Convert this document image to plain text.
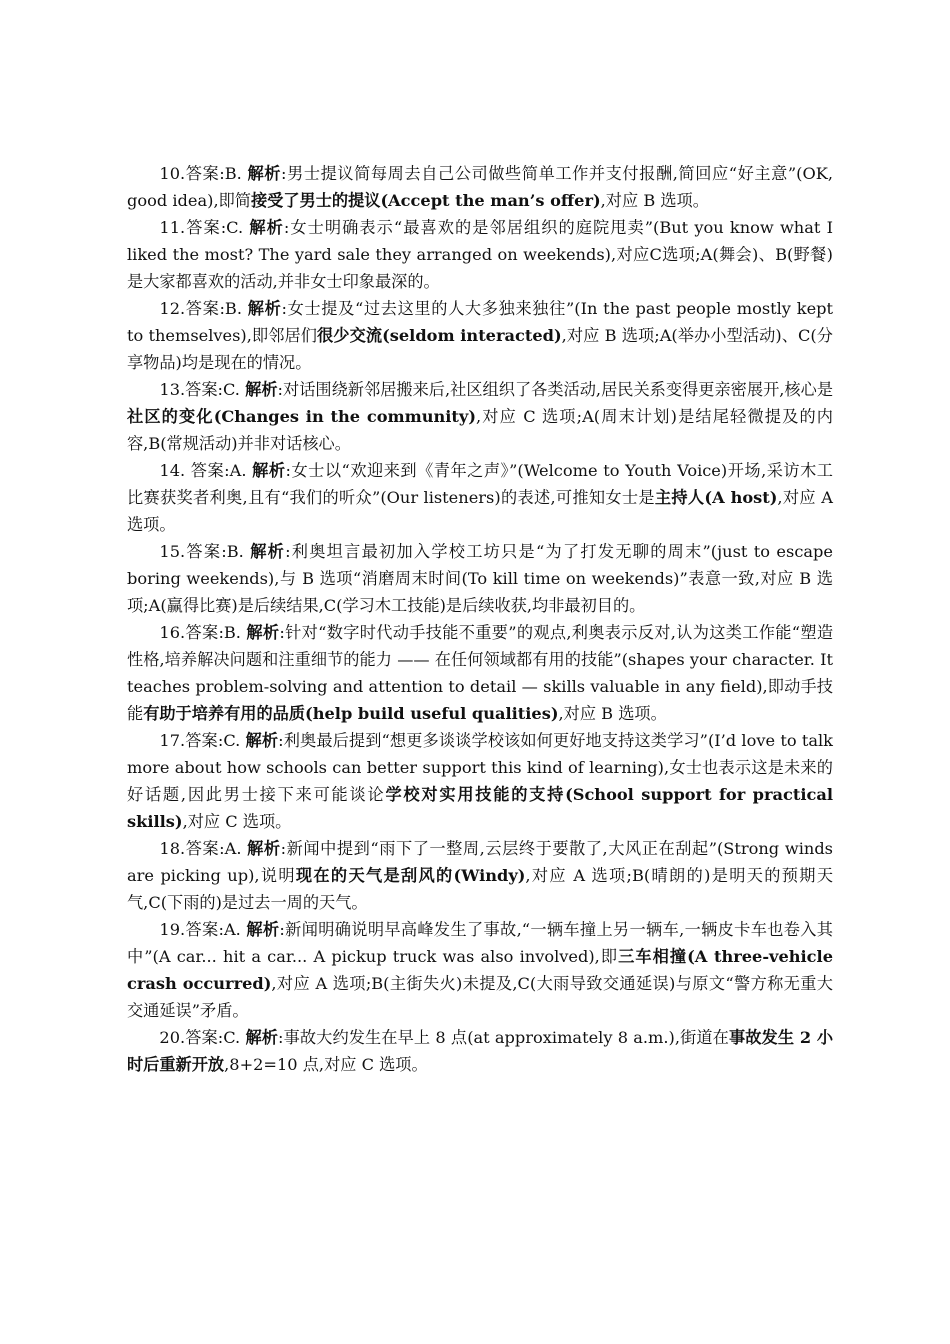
10.答案:B. 解析:男士提议简每周去自己公司做些简单工作并支付报酬,简回应“好主意”(OK, good idea),即简接受了男士的提议(Accept the man’s offer),对应 B 选项。

11.答案:C. 解析:女士明确表示“最喜欢的是邻居组织的庭院甩卖”(But you know what I liked the most? The yard sale they arranged on weekends),对应C选项;A(舞会)、B(野餐)是大家都喜欢的活动,并非女士印象最深的。

12.答案:B. 解析:女士提及“过去这里的人大多独来独往”(In the past people mostly kept to themselves),即邻居们很少交流(seldom interacted),对应 B 选项;A(举办小型活动)、C(分享物品)均是现在的情况。

13.答案:C. 解析:对话围绕新邻居搬来后,社区组织了各类活动,居民关系变得更亲密展开,核心是社区的变化(Changes in the community),对应 C 选项;A(周末计划)是结尾轻微提及的内容,B(常规活动)并非对话核心。

14. 答案:A. 解析:女士以“欢迎来到《青年之声》”(Welcome to Youth Voice)开场,采访木工比赛获奖者利奥,且有“我们的听众”(Our listeners)的表述,可推知女士是主持人(A host),对应 A 选项。

15.答案:B. 解析:利奥坦言最初加入学校工坊只是“为了打发无聊的周末”(just to escape boring weekends),与 B 选项“消磨周末时间(To kill time on weekends)”表意一致,对应 B 选项;A(赢得比赛)是后续结果,C(学习木工技能)是后续收获,均非最初目的。

16.答案:B. 解析:针对“数字时代动手技能不重要”的观点,利奥表示反对,认为这类工作能“塑造性格,培养解决问题和注重细节的能力 —— 在任何领域都有用的技能”(shapes your character. It teaches problem-solving and attention to detail — skills valuable in any field),即动手技能有助于培养有用的品质(help build useful qualities),对应 B 选项。

17.答案:C. 解析:利奥最后提到“想更多谈谈学校该如何更好地支持这类学习”(I’d love to talk more about how schools can better support this kind of learning),女士也表示这是未来的好话题,因此男士接下来可能谈论学校对实用技能的支持(School support for practical skills),对应 C 选项。

18.答案:A. 解析:新闻中提到“雨下了一整周,云层终于要散了,大风正在刮起”(Strong winds are picking up),说明现在的天气是刮风的(Windy),对应 A 选项;B(晴朗的)是明天的预期天气,C(下雨的)是过去一周的天气。

19.答案:A. 解析:新闻明确说明早高峰发生了事故,“一辆车撞上另一辆车,一辆皮卡车也卷入其中”(A car... hit a car... A pickup truck was also involved),即三车相撞(A three-vehicle crash occurred),对应 A 选项;B(主街失火)未提及,C(大雨导致交通延误)与原文“警方称无重大交通延误”矛盾。

20.答案:C. 解析:事故大约发生在早上 8 点(at approximately 8 a.m.),街道在事故发生 2 小时后重新开放,8+2=10 点,对应 C 选项。
